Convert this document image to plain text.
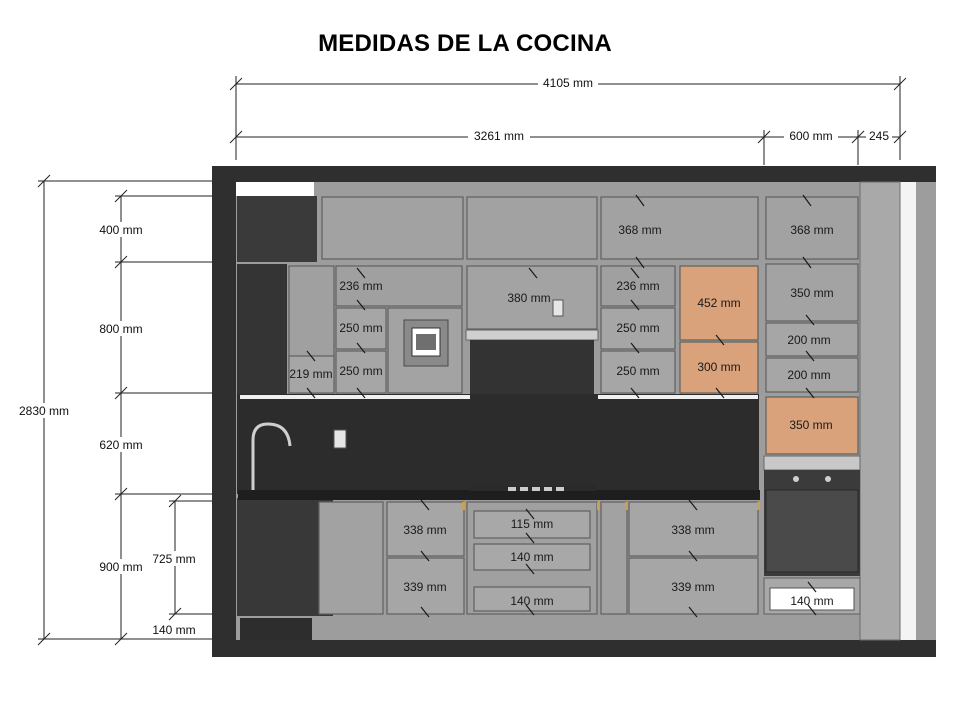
MEDIDAS DE LA COCINA
4105 mm
3261 mm	600 mm	245
2830 mm
400 mm
800 mm
620 mm
900 mm
725 mm
140 mm
368 mm	368 mm
236 mm
250 mm
250 mm
219 mm
380 mm
236 mm
250 mm
250 mm
452 mm
300 mm
350 mm
200 mm
200 mm
350 mm
338 mm
339 mm
115 mm
140 mm
140 mm
338 mm
339 mm
140 mm
